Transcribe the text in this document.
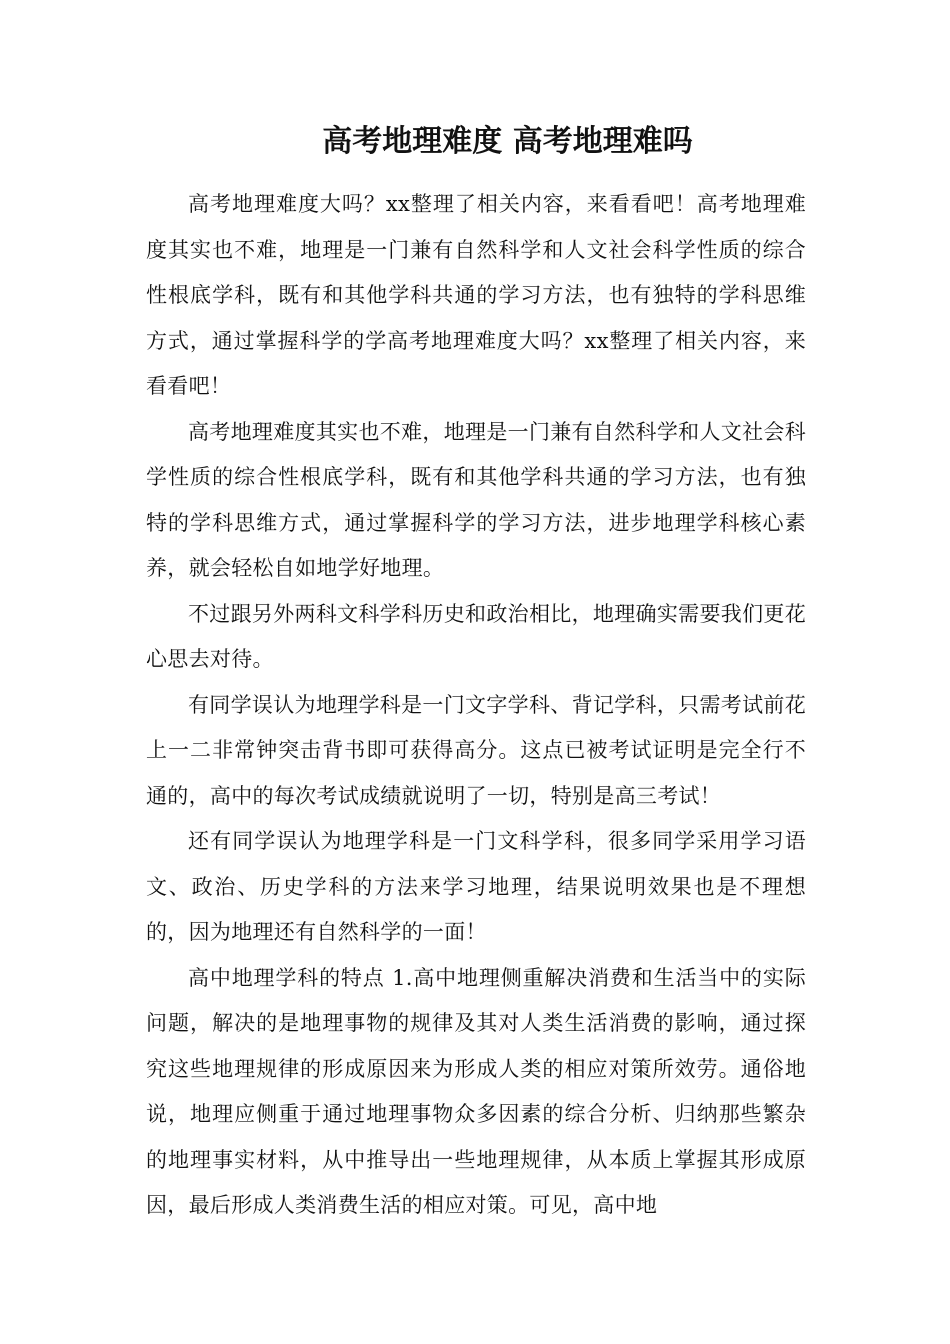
高考地理难度 高考地理难吗

高考地理难度大吗？xx整理了相关内容，来看看吧！高考地理难度其实也不难，地理是一门兼有自然科学和人文社会科学性质的综合性根底学科，既有和其他学科共通的学习方法，也有独特的学科思维方式，通过掌握科学的学高考地理难度大吗？xx整理了相关内容，来看看吧！

高考地理难度其实也不难，地理是一门兼有自然科学和人文社会科学性质的综合性根底学科，既有和其他学科共通的学习方法，也有独特的学科思维方式，通过掌握科学的学习方法，进步地理学科核心素养，就会轻松自如地学好地理。

不过跟另外两科文科学科历史和政治相比，地理确实需要我们更花心思去对待。

有同学误认为地理学科是一门文字学科、背记学科，只需考试前花上一二非常钟突击背书即可获得高分。这点已被考试证明是完全行不通的，高中的每次考试成绩就说明了一切，特别是高三考试！

还有同学误认为地理学科是一门文科学科，很多同学采用学习语文、政治、历史学科的方法来学习地理，结果说明效果也是不理想的，因为地理还有自然科学的一面！

高中地理学科的特点 1.高中地理侧重解决消费和生活当中的实际问题，解决的是地理事物的规律及其对人类生活消费的影响，通过探究这些地理规律的形成原因来为形成人类的相应对策所效劳。通俗地说，地理应侧重于通过地理事物众多因素的综合分析、归纳那些繁杂的地理事实材料，从中推导出一些地理规律，从本质上掌握其形成原因，最后形成人类消费生活的相应对策。可见，高中地
